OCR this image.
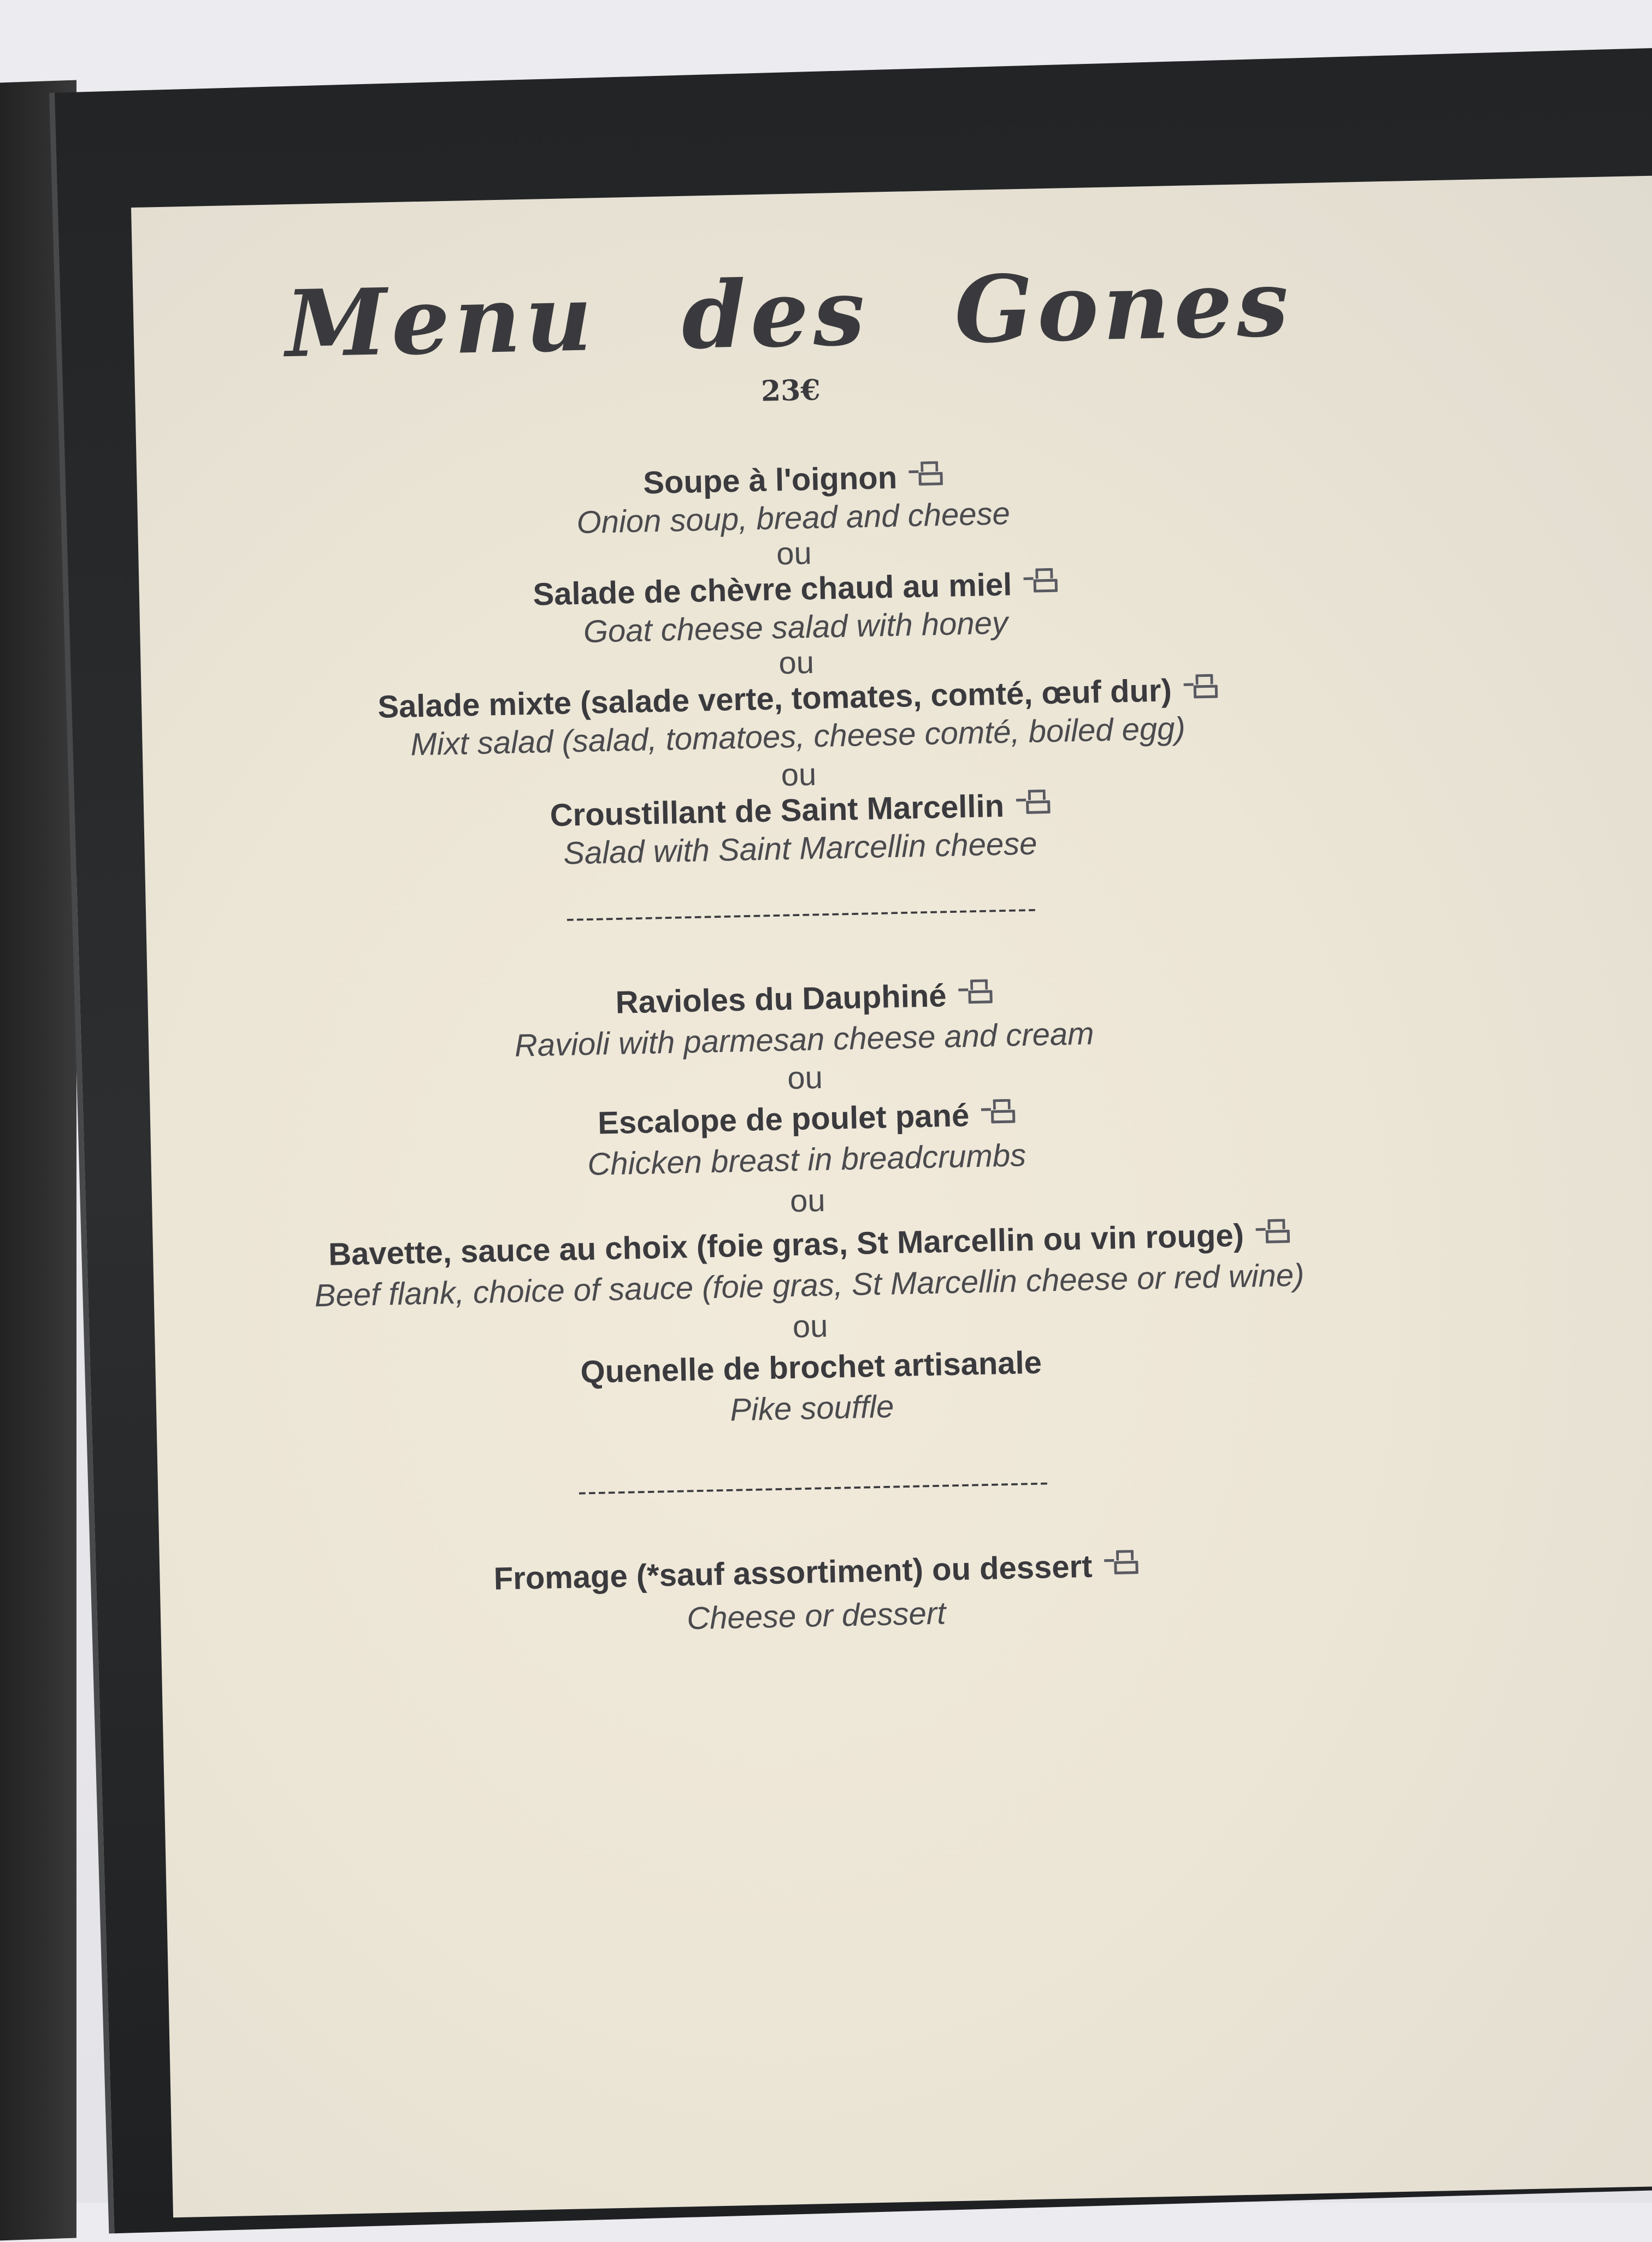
Menu des Gones
23€
Soupe à l'oignon
Onion soup, bread and cheese
ou
Salade de chèvre chaud au miel
Goat cheese salad with honey
ou
Salade mixte (salade verte, tomates, comté, œuf dur)
Mixt salad (salad, tomatoes, cheese comté, boiled egg)
ou
Croustillant de Saint Marcellin
Salad with Saint Marcellin cheese
------------------------------------------------
Ravioles du Dauphiné
Ravioli with parmesan cheese and cream
ou
Escalope de poulet pané
Chicken breast in breadcrumbs
ou
Bavette, sauce au choix (foie gras, St Marcellin ou vin rouge)
Beef flank, choice of sauce (foie gras, St Marcellin cheese or red wine)
ou
Quenelle de brochet artisanale
Pike souffle
------------------------------------------------
Fromage (*sauf assortiment) ou dessert
Cheese or dessert
